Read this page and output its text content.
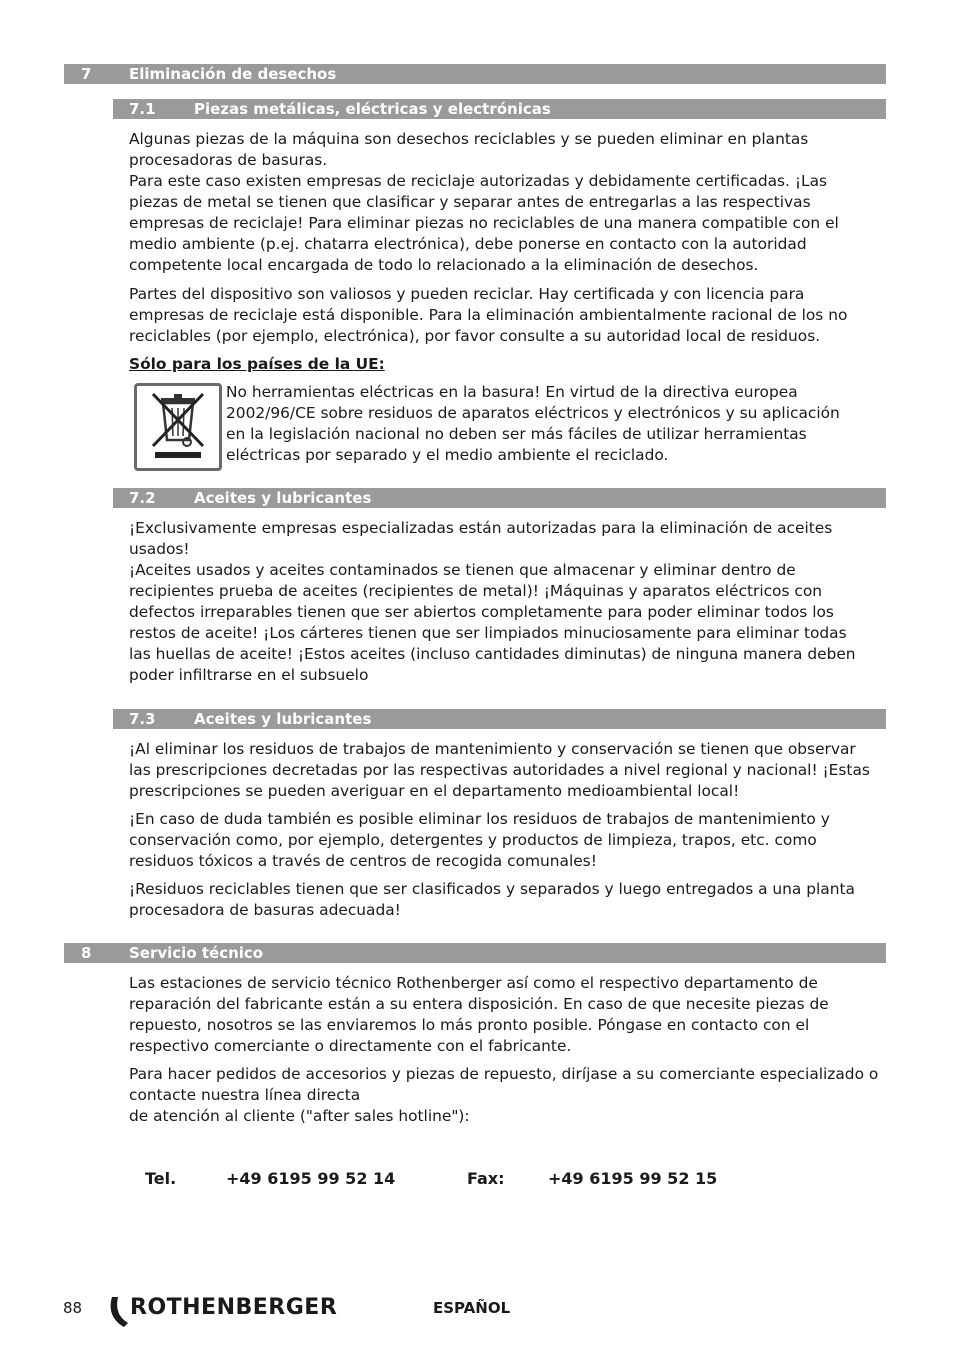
7	Eliminación de desechos
7.1	Piezas metálicas, eléctricas y electrónicas
Algunas piezas de la máquina son desechos reciclables y se pueden eliminar en plantas
procesadoras de basuras.
Para este caso existen empresas de reciclaje autorizadas y debidamente certificadas. ¡Las
piezas de metal se tienen que clasificar y separar antes de entregarlas a las respectivas
empresas de reciclaje! Para eliminar piezas no reciclables de una manera compatible con el
medio ambiente (p.ej. chatarra electrónica), debe ponerse en contacto con la autoridad
competente local encargada de todo lo relacionado a la eliminación de desechos.
Partes del dispositivo son valiosos y pueden reciclar. Hay certificada y con licencia para
empresas de reciclaje está disponible. Para la eliminación ambientalmente racional de los no
reciclables (por ejemplo, electrónica), por favor consulte a su autoridad local de residuos.
Sólo para los países de la UE:
No herramientas eléctricas en la basura! En virtud de la directiva europea
2002/96/CE sobre residuos de aparatos eléctricos y electrónicos y su aplicación
en la legislación nacional no deben ser más fáciles de utilizar herramientas
eléctricas por separado y el medio ambiente el reciclado.
7.2	Aceites y lubricantes
¡Exclusivamente empresas especializadas están autorizadas para la eliminación de aceites
usados!
¡Aceites usados y aceites contaminados se tienen que almacenar y eliminar dentro de
recipientes prueba de aceites (recipientes de metal)! ¡Máquinas y aparatos eléctricos con
defectos irreparables tienen que ser abiertos completamente para poder eliminar todos los
restos de aceite! ¡Los cárteres tienen que ser limpiados minuciosamente para eliminar todas
las huellas de aceite! ¡Estos aceites (incluso cantidades diminutas) de ninguna manera deben
poder infiltrarse en el subsuelo
7.3	Aceites y lubricantes
¡Al eliminar los residuos de trabajos de mantenimiento y conservación se tienen que observar
las prescripciones decretadas por las respectivas autoridades a nivel regional y nacional! ¡Estas
prescripciones se pueden averiguar en el departamento medioambiental local!
¡En caso de duda también es posible eliminar los residuos de trabajos de mantenimiento y
conservación como, por ejemplo, detergentes y productos de limpieza, trapos, etc. como
residuos tóxicos a través de centros de recogida comunales!
¡Residuos reciclables tienen que ser clasificados y separados y luego entregados a una planta
procesadora de basuras adecuada!
8	Servicio técnico
Las estaciones de servicio técnico Rothenberger así como el respectivo departamento de
reparación del fabricante están a su entera disposición. En caso de que necesite piezas de
repuesto, nosotros se las enviaremos lo más pronto posible. Póngase en contacto con el
respectivo comerciante o directamente con el fabricante.
Para hacer pedidos de accesorios y piezas de repuesto, diríjase a su comerciante especializado o
contacte nuestra línea directa
de atención al cliente ("after sales hotline"):
Tel.	+49 6195 99 52 14	Fax:	+49 6195 99 52 15
88 ROTHENBERGER	ESPAÑOL
